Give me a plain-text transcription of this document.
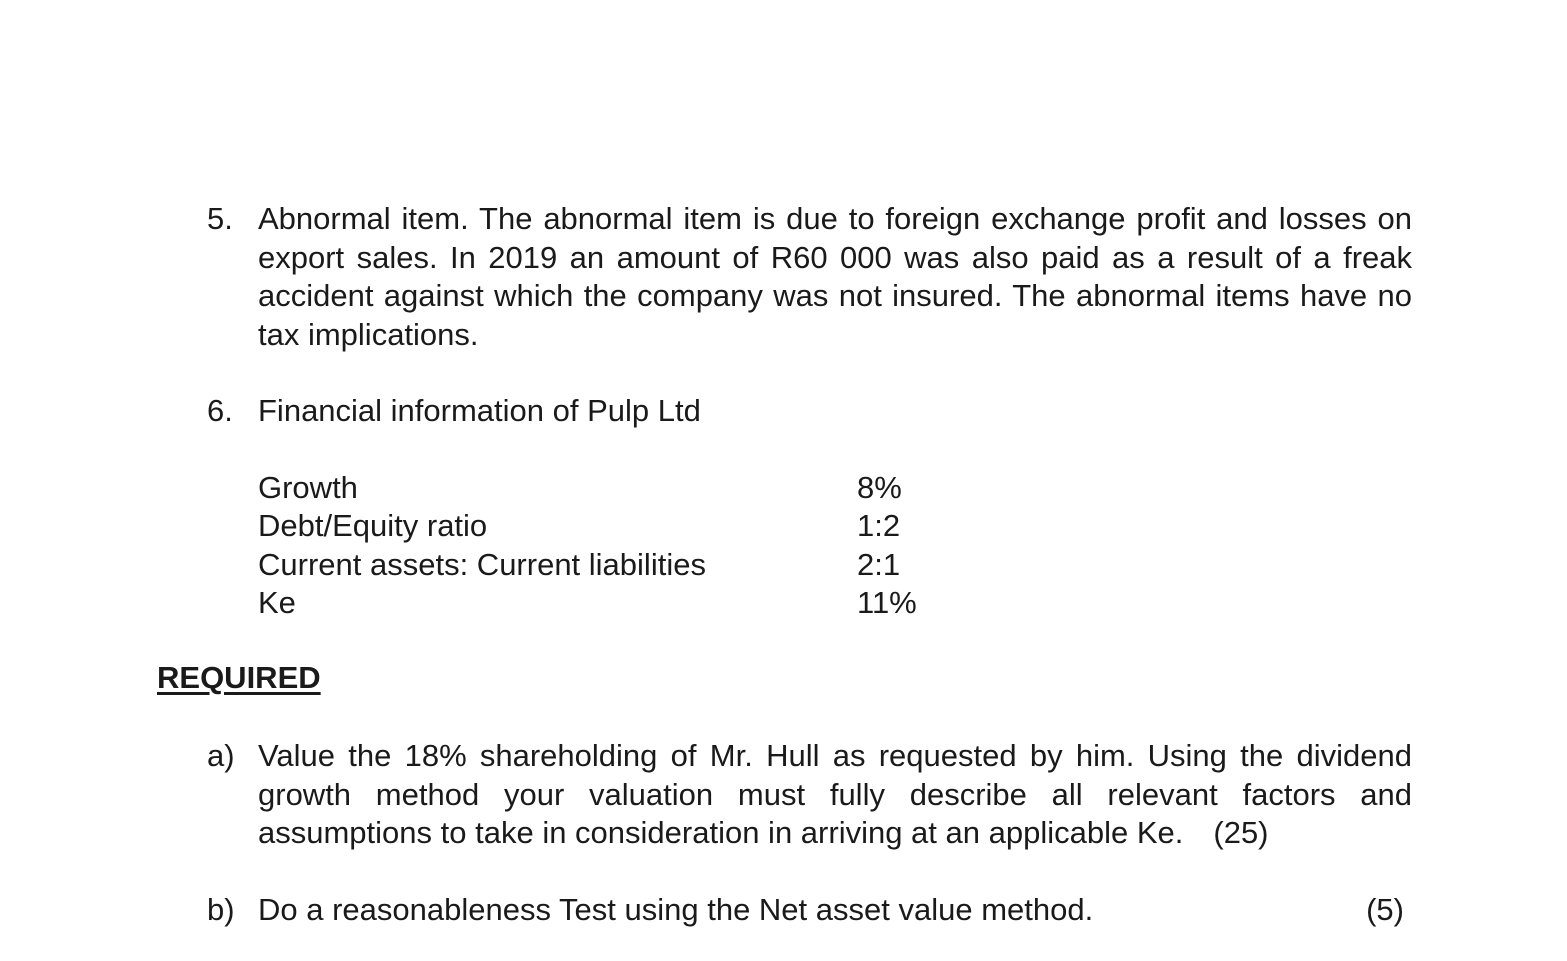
5. Abnormal item. The abnormal item is due to foreign exchange profit and losses on export sales. In 2019 an amount of R60 000 was also paid as a result of a freak accident against which the company was not insured. The abnormal items have no tax implications.
6. Financial information of Pulp Ltd
Growth	8%
Debt/Equity ratio	1:2
Current assets: Current liabilities	2:1
Ke	11%
REQUIRED
a) Value the 18% shareholding of Mr. Hull as requested by him. Using the dividend growth method your valuation must fully describe all relevant factors and assumptions to take in consideration in arriving at an applicable Ke. (25)
b) Do a reasonableness Test using the Net asset value method.	(5)
